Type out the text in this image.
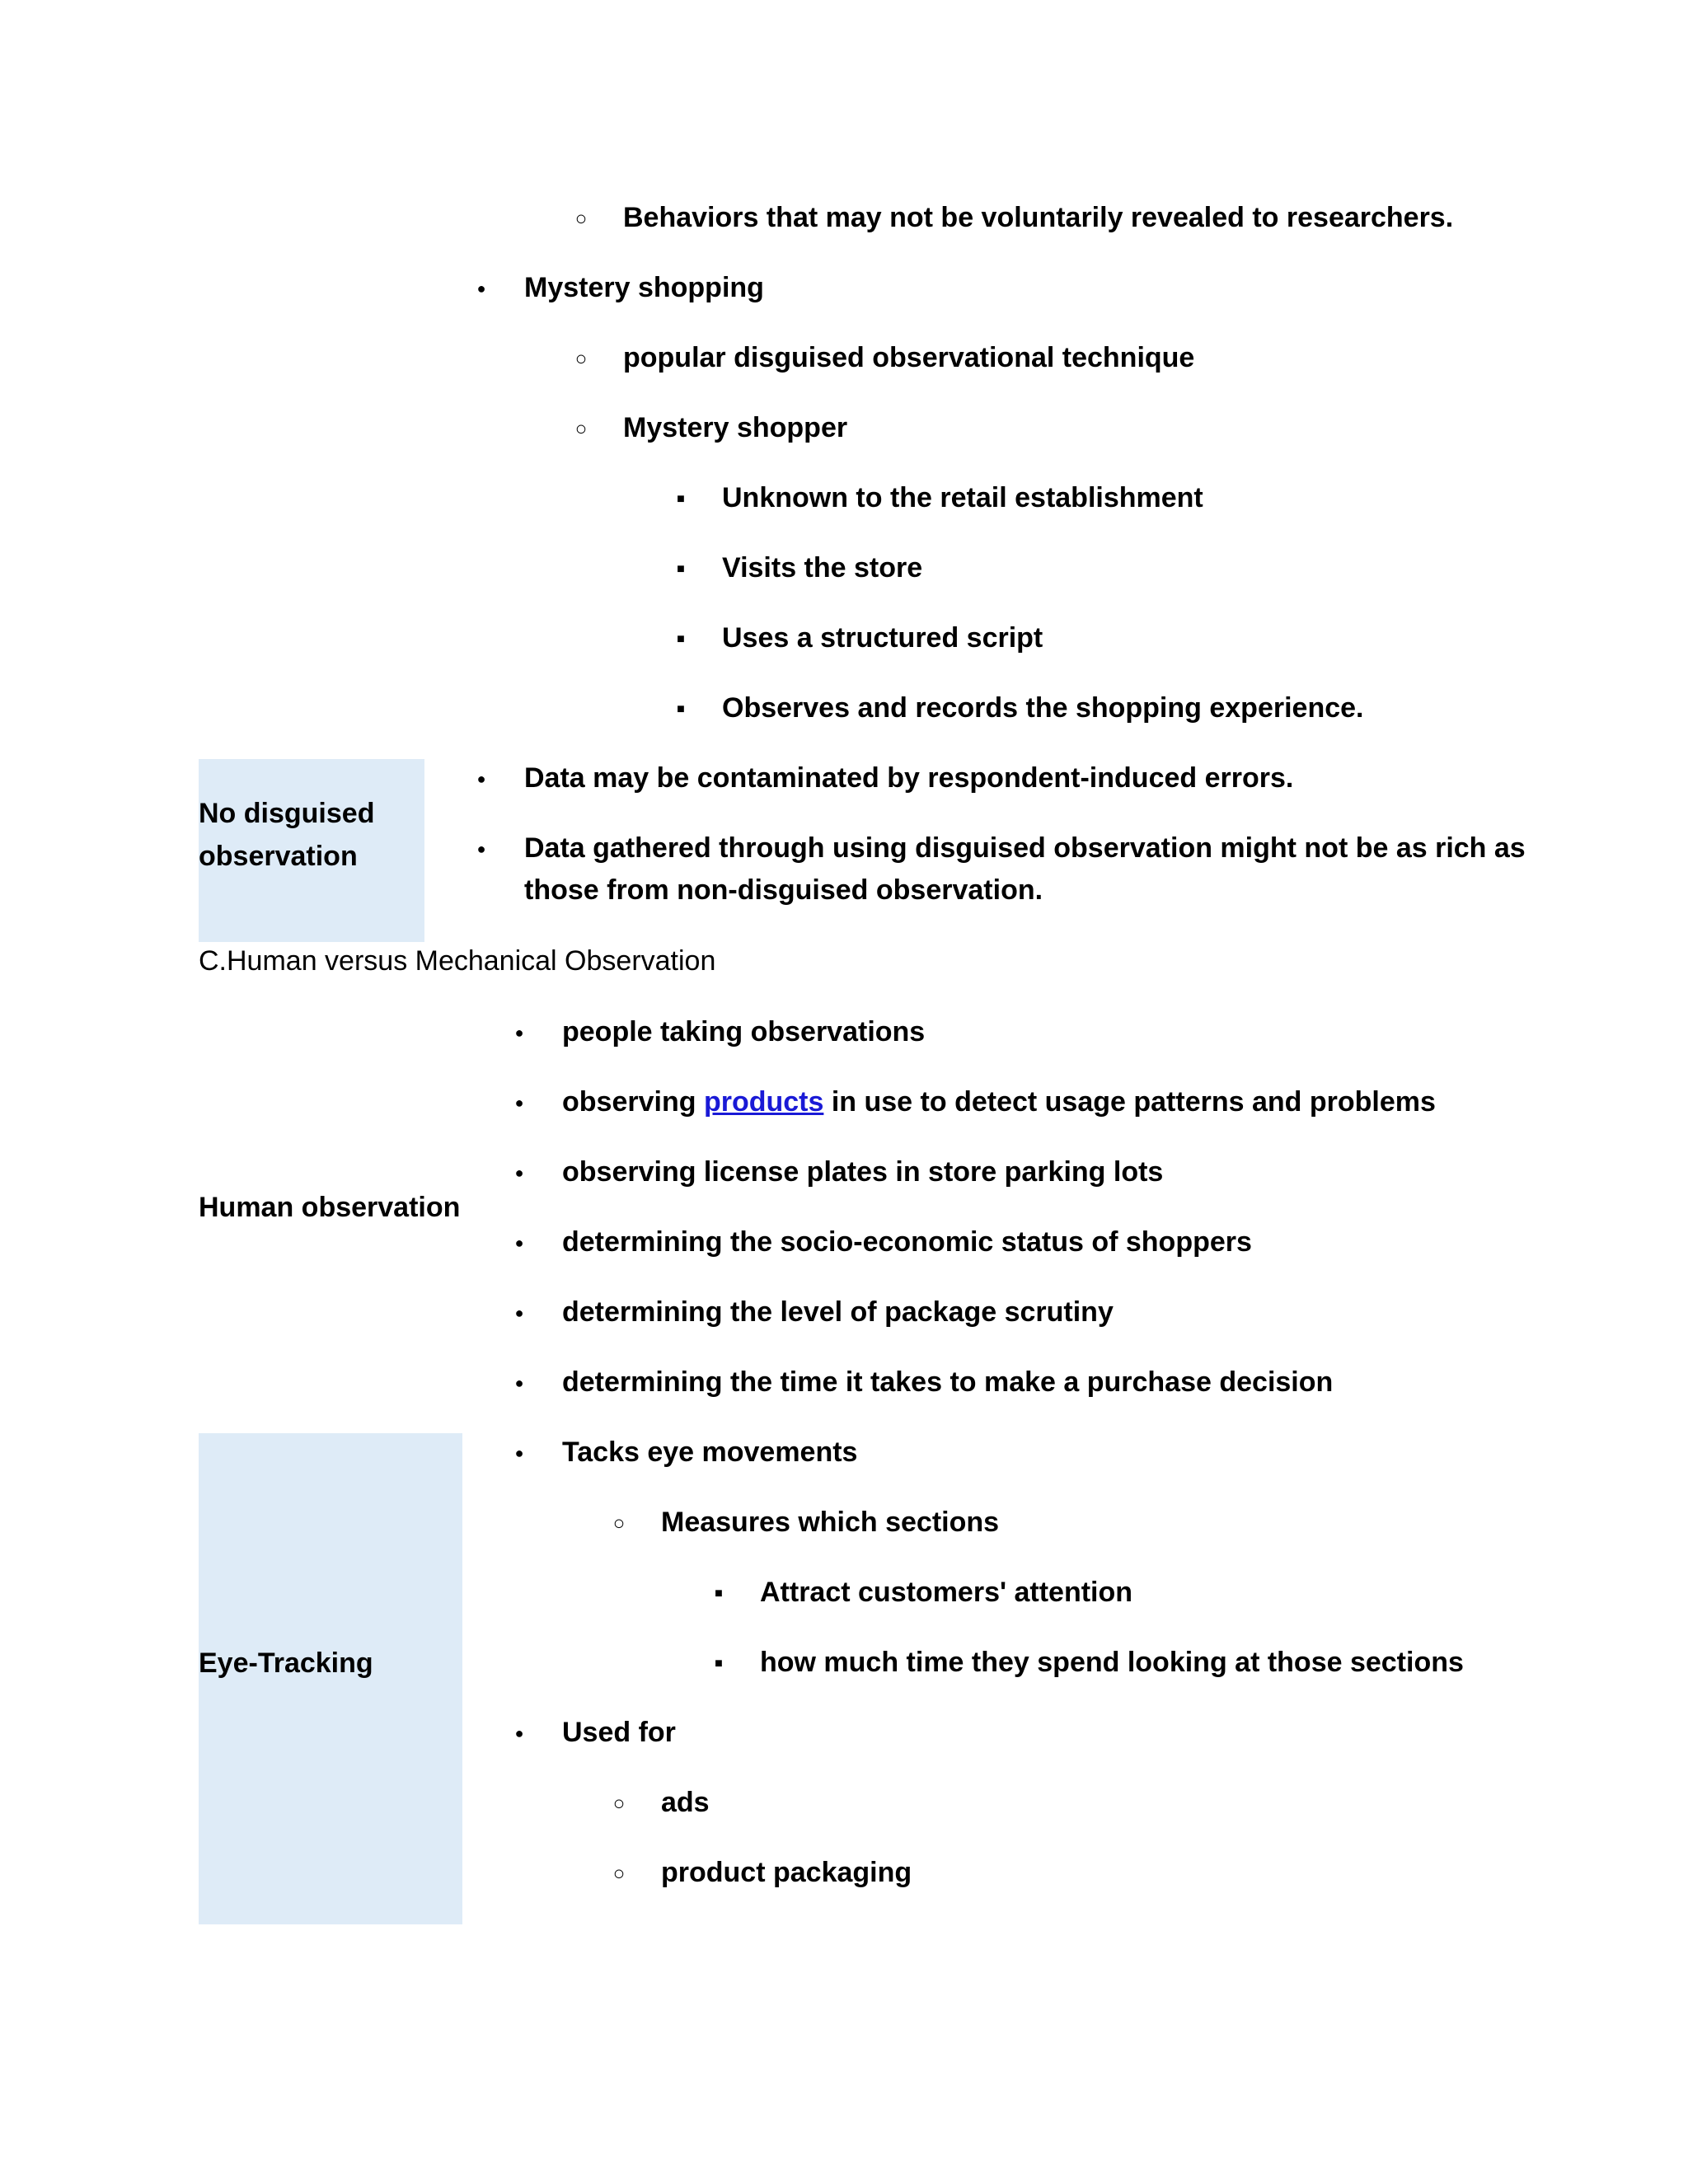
○
Behaviors that may not be voluntarily revealed to researchers.
●
Mystery shopping
○
popular disguised observational technique
○
Mystery shopper
■
Unknown to the retail establishment
■
Visits the store
■
Uses a structured script
■
Observes and records the shopping experience.
No disguised
observation
●
Data may be contaminated by respondent-induced errors.
●
Data gathered through using disguised observation might not be as rich as
those from non-disguised observation.
C.Human versus Mechanical Observation
Human observation
●
people taking observations
●
observing products in use to detect usage patterns and problems
●
observing license plates in store parking lots
●
determining the socio-economic status of shoppers
●
determining the level of package scrutiny
●
determining the time it takes to make a purchase decision
Eye-Tracking
●
Tacks eye movements
○
Measures which sections
■
Attract customers' attention
■
how much time they spend looking at those sections
●
Used for
○
ads
○
product packaging
